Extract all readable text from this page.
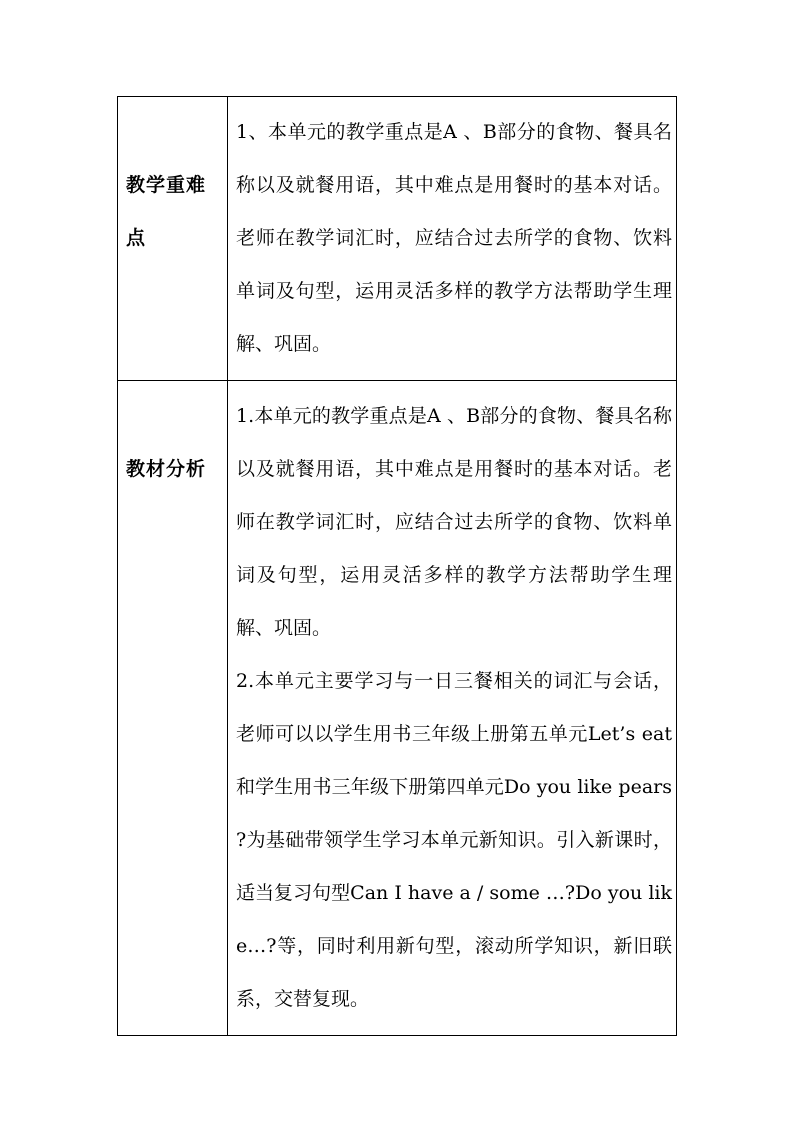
教学重难点	1、本单元的教学重点是A 、B部分的食物、餐具名称以及就餐用语，其中难点是用餐时的基本对话。老师在教学词汇时，应结合过去所学的食物、饮料单词及句型，运用灵活多样的教学方法帮助学生理解、巩固。

教材分析	1.本单元的教学重点是A 、B部分的食物、餐具名称以及就餐用语，其中难点是用餐时的基本对话。老师在教学词汇时，应结合过去所学的食物、饮料单词及句型，运用灵活多样的教学方法帮助学生理解、巩固。

2.本单元主要学习与一日三餐相关的词汇与会话，老师可以以学生用书三年级上册第五单元Let’s eat 和学生用书三年级下册第四单元Do you like pears ?为基础带领学生学习本单元新知识。引入新课时，适当复习句型Can I have a / some …?Do you like…?等，同时利用新句型，滚动所学知识，新旧联系，交替复现。
